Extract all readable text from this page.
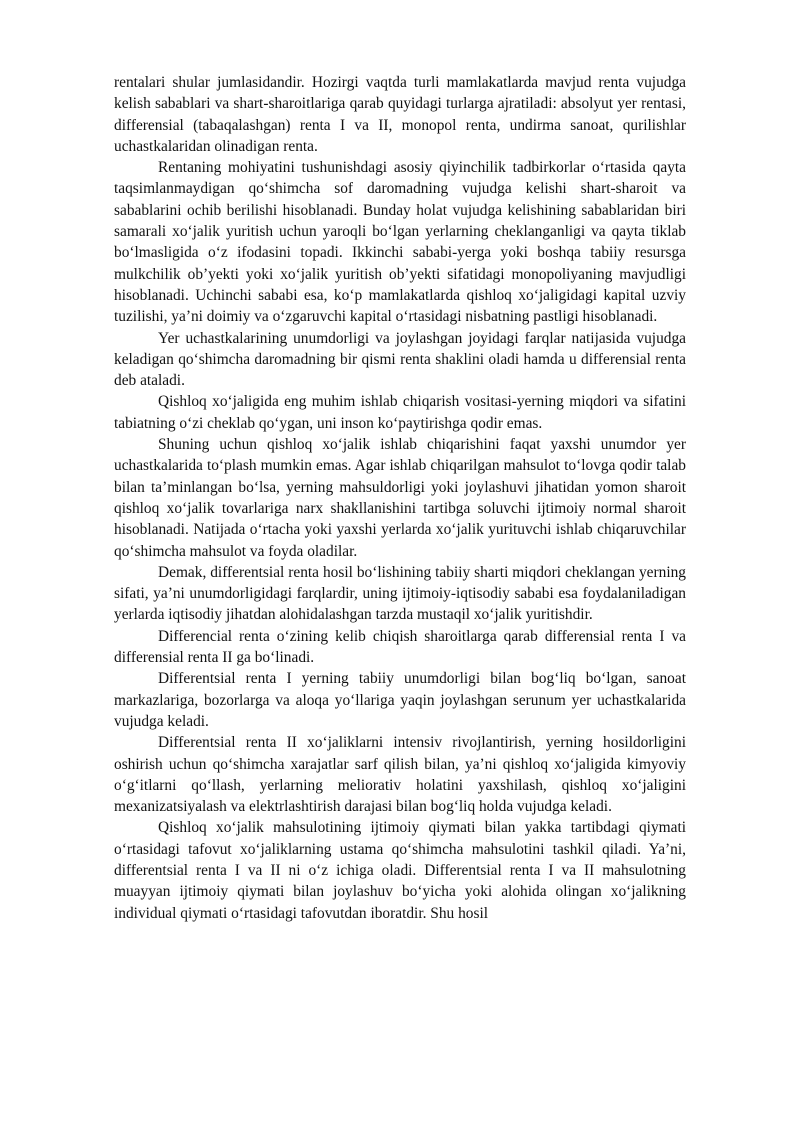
rentalari shular jumlasidandir. Hozirgi vaqtda turli mamlakatlarda mavjud renta vujudga kelish sabablari va shart-sharoitlariga qarab quyidagi turlarga ajratiladi: absolyut yer rentasi, differensial (tabaqalashgan) renta I va II, monopol renta, undirma sanoat, qurilishlar uchastkalaridan olinadigan renta.

Rentaning mohiyatini tushunishdagi asosiy qiyinchilik tadbirkorlar o‘rtasida qayta taqsimlanmaydigan qo‘shimcha sof daromadning vujudga kelishi shart-sharoit va sabablarini ochib berilishi hisoblanadi. Bunday holat vujudga kelishining sabablaridan biri samarali xo‘jalik yuritish uchun yaroqli bo‘lgan yerlarning cheklanganligi va qayta tiklab bo‘lmasligida o‘z ifodasini topadi. Ikkinchi sababi-yerga yoki boshqa tabiiy resursga mulkchilik ob’yekti yoki xo‘jalik yuritish ob’yekti sifatidagi monopoliyaning mavjudligi hisoblanadi. Uchinchi sababi esa, ko‘p mamlakatlarda qishloq xo‘jaligidagi kapital uzviy tuzilishi, ya’ni doimiy va o‘zgaruvchi kapital o‘rtasidagi nisbatning pastligi hisoblanadi.

Yer uchastkalarining unumdorligi va joylashgan joyidagi farqlar natijasida vujudga keladigan qo‘shimcha daromadning bir qismi renta shaklini oladi hamda u differensial renta deb ataladi.

Qishloq xo‘jaligida eng muhim ishlab chiqarish vositasi-yerning miqdori va sifatini tabiatning o‘zi cheklab qo‘ygan, uni inson ko‘paytirishga qodir emas.

Shuning uchun qishloq xo‘jalik ishlab chiqarishini faqat yaxshi unumdor yer uchastkalarida to‘plash mumkin emas. Agar ishlab chiqarilgan mahsulot to‘lovga qodir talab bilan ta’minlangan bo‘lsa, yerning mahsuldorligi yoki joylashuvi jihatidan yomon sharoit qishloq xo‘jalik tovarlariga narx shakllanishini tartibga soluvchi ijtimoiy normal sharoit hisoblanadi. Natijada o‘rtacha yoki yaxshi yerlarda xo‘jalik yurituvchi ishlab chiqaruvchilar qo‘shimcha mahsulot va foyda oladilar.

Demak, differentsial renta hosil bo‘lishining tabiiy sharti miqdori cheklangan yerning sifati, ya’ni unumdorligidagi farqlardir, uning ijtimoiy-iqtisodiy sababi esa foydalaniladigan yerlarda iqtisodiy jihatdan alohidalashgan tarzda mustaqil xo‘jalik yuritishdir.

Differencial renta o‘zining kelib chiqish sharoitlarga qarab differensial renta I va differensial renta II ga bo‘linadi.

Differentsial renta I yerning tabiiy unumdorligi bilan bog‘liq bo‘lgan, sanoat markazlariga, bozorlarga va aloqa yo‘llariga yaqin joylashgan serunum yer uchastkalarida vujudga keladi.

Differentsial renta II xo‘jaliklarni intensiv rivojlantirish, yerning hosildorligini oshirish uchun qo‘shimcha xarajatlar sarf qilish bilan, ya’ni qishloq xo‘jaligida kimyoviy o‘g‘itlarni qo‘llash, yerlarning meliorativ holatini yaxshilash, qishloq xo‘jaligini mexanizatsiyalash va elektrlashtirish darajasi bilan bog‘liq holda vujudga keladi.

Qishloq xo‘jalik mahsulotining ijtimoiy qiymati bilan yakka tartibdagi qiymati o‘rtasidagi tafovut xo‘jaliklarning ustama qo‘shimcha mahsulotini tashkil qiladi. Ya’ni, differentsial renta I va II ni o‘z ichiga oladi. Differentsial renta I va II mahsulotning muayyan ijtimoiy qiymati bilan joylashuv bo‘yicha yoki alohida olingan xo‘jalikning individual qiymati o‘rtasidagi tafovutdan iboratdir. Shu hosil
